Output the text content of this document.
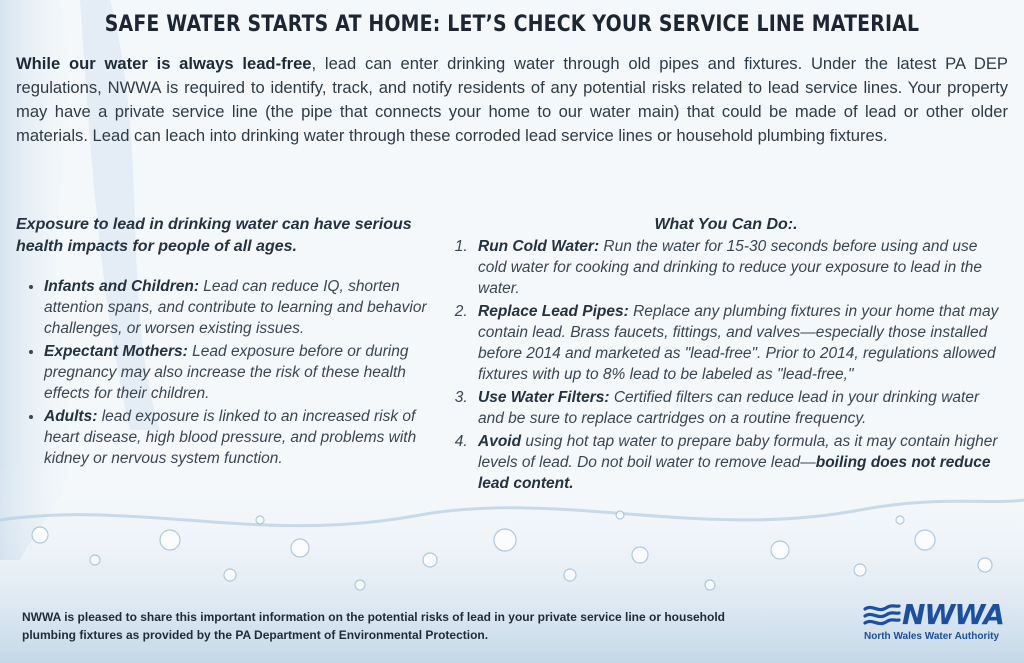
SAFE WATER STARTS AT HOME: LET’S CHECK YOUR SERVICE LINE MATERIAL
While our water is always lead-free, lead can enter drinking water through old pipes and fixtures. Under the latest PA DEP regulations, NWWA is required to identify, track, and notify residents of any potential risks related to lead service lines. Your property may have a private service line (the pipe that connects your home to our water main) that could be made of lead or other older materials. Lead can leach into drinking water through these corroded lead service lines or household plumbing fixtures.
Exposure to lead in drinking water can have serious health impacts for people of all ages.
• Infants and Children: Lead can reduce IQ, shorten attention spans, and contribute to learning and behavior challenges, or worsen existing issues.
• Expectant Mothers: Lead exposure before or during pregnancy may also increase the risk of these health effects for their children.
• Adults: lead exposure is linked to an increased risk of heart disease, high blood pressure, and problems with kidney or nervous system function.
What You Can Do:.
1. Run Cold Water: Run the water for 15-30 seconds before using and use cold water for cooking and drinking to reduce your exposure to lead in the water.
2. Replace Lead Pipes: Replace any plumbing fixtures in your home that may contain lead. Brass faucets, fittings, and valves—especially those installed before 2014 and marketed as "lead-free". Prior to 2014, regulations allowed fixtures with up to 8% lead to be labeled as "lead-free,"
3. Use Water Filters: Certified filters can reduce lead in your drinking water and be sure to replace cartridges on a routine frequency.
4. Avoid using hot tap water to prepare baby formula, as it may contain higher levels of lead. Do not boil water to remove lead—boiling does not reduce lead content.
NWWA is pleased to share this important information on the potential risks of lead in your private service line or household plumbing fixtures as provided by the PA Department of Environmental Protection.
NWWA
North Wales Water Authority
